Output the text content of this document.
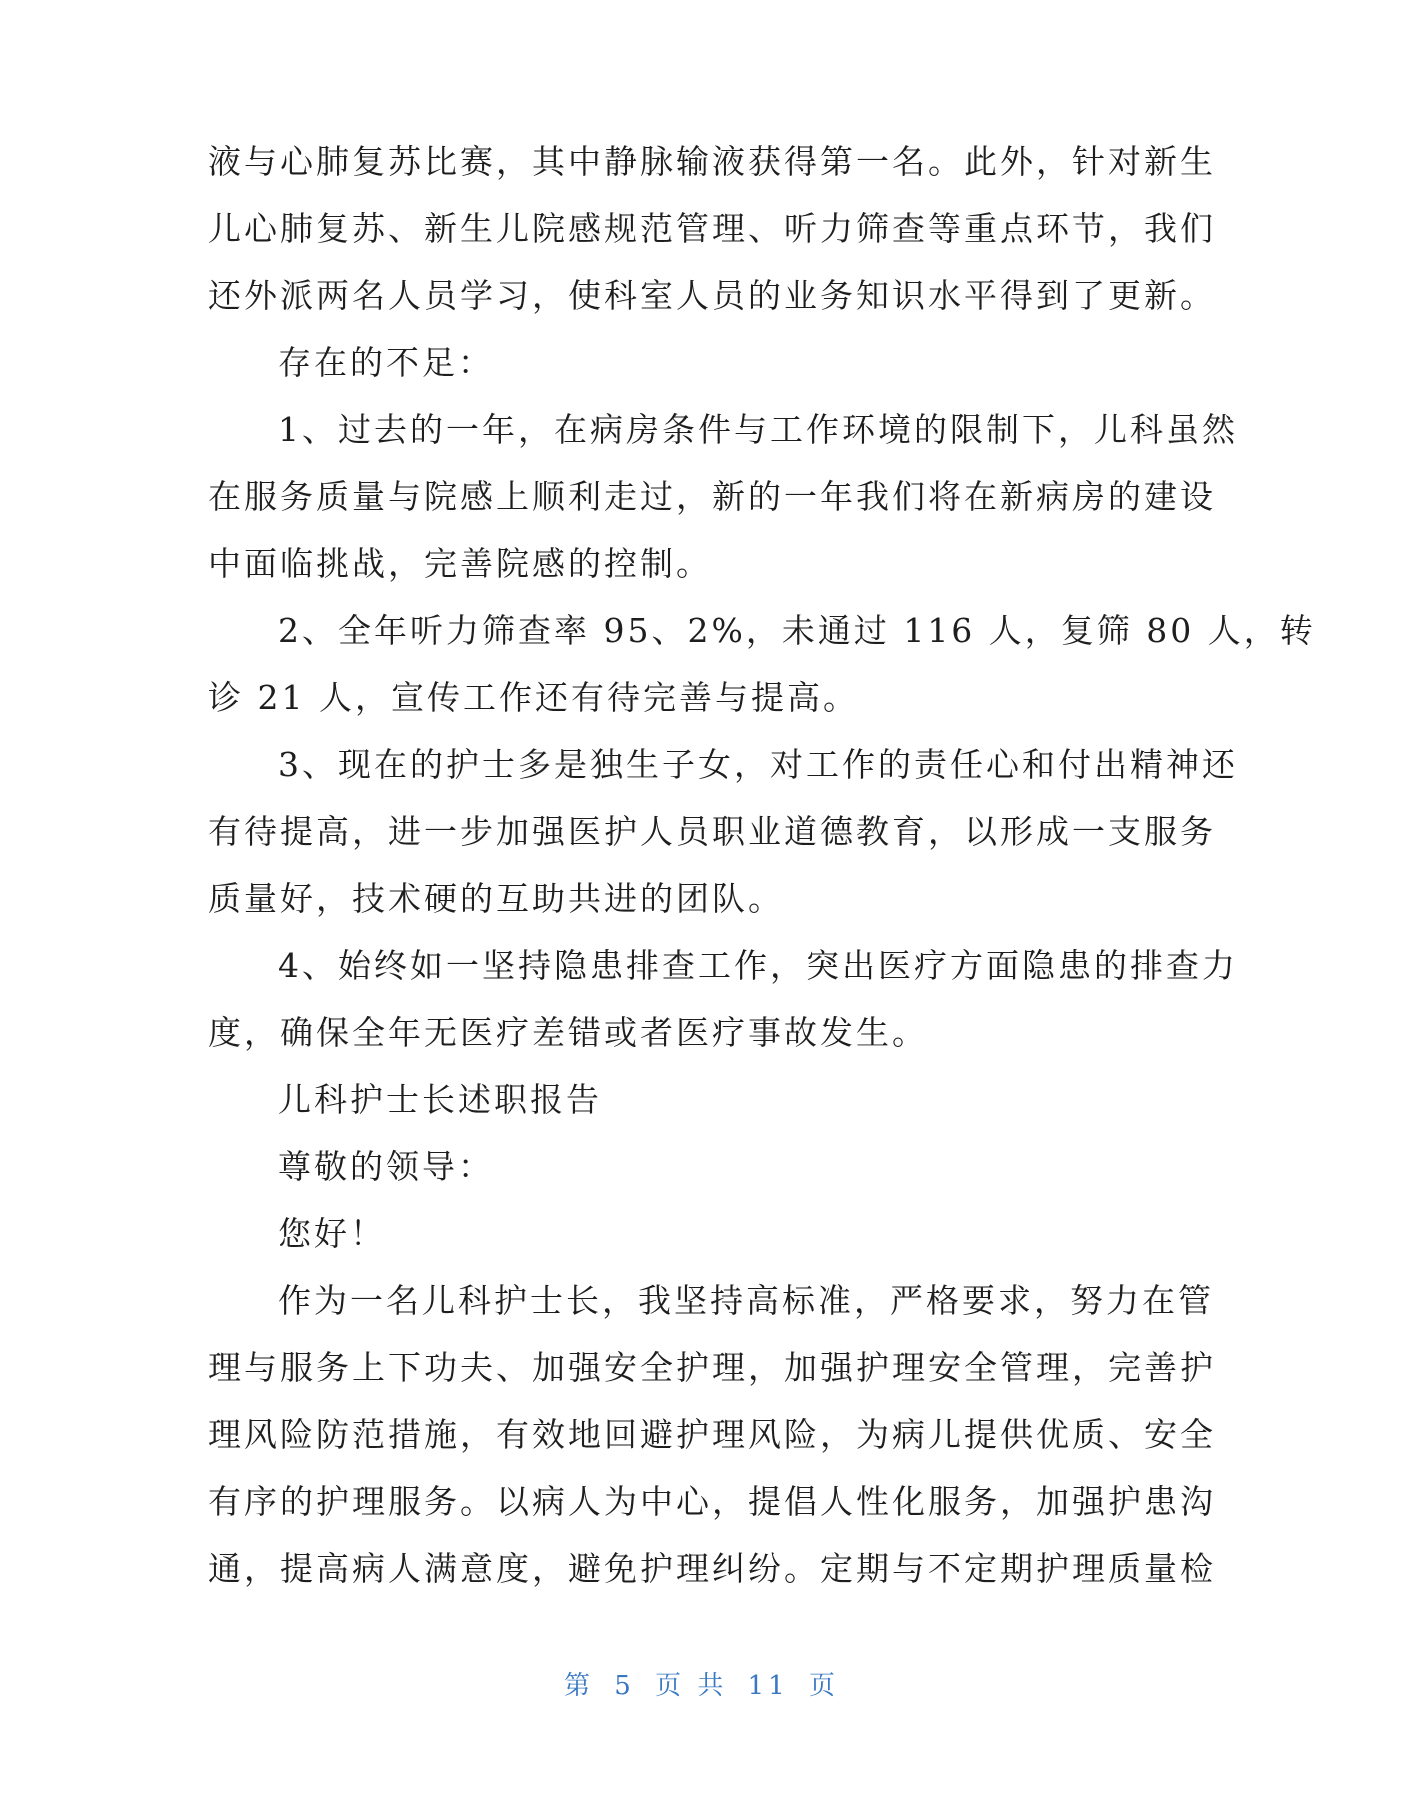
液与心肺复苏比赛，其中静脉输液获得第一名。此外，针对新生
儿心肺复苏、新生儿院感规范管理、听力筛查等重点环节，我们
还外派两名人员学习，使科室人员的业务知识水平得到了更新。
存在的不足：
1、过去的一年，在病房条件与工作环境的限制下，儿科虽然
在服务质量与院感上顺利走过，新的一年我们将在新病房的建设
中面临挑战，完善院感的控制。
2、全年听力筛查率 95、2%，未通过 116 人，复筛 80 人，转
诊 21 人，宣传工作还有待完善与提高。
3、现在的护士多是独生子女，对工作的责任心和付出精神还
有待提高，进一步加强医护人员职业道德教育，以形成一支服务
质量好，技术硬的互助共进的团队。
4、始终如一坚持隐患排查工作，突出医疗方面隐患的排查力
度，确保全年无医疗差错或者医疗事故发生。
儿科护士长述职报告
尊敬的领导：
您好！
作为一名儿科护士长，我坚持高标准，严格要求，努力在管
理与服务上下功夫、加强安全护理，加强护理安全管理，完善护
理风险防范措施，有效地回避护理风险，为病儿提供优质、安全
有序的护理服务。以病人为中心，提倡人性化服务，加强护患沟
通，提高病人满意度，避免护理纠纷。定期与不定期护理质量检
第 5 页 共 11 页
